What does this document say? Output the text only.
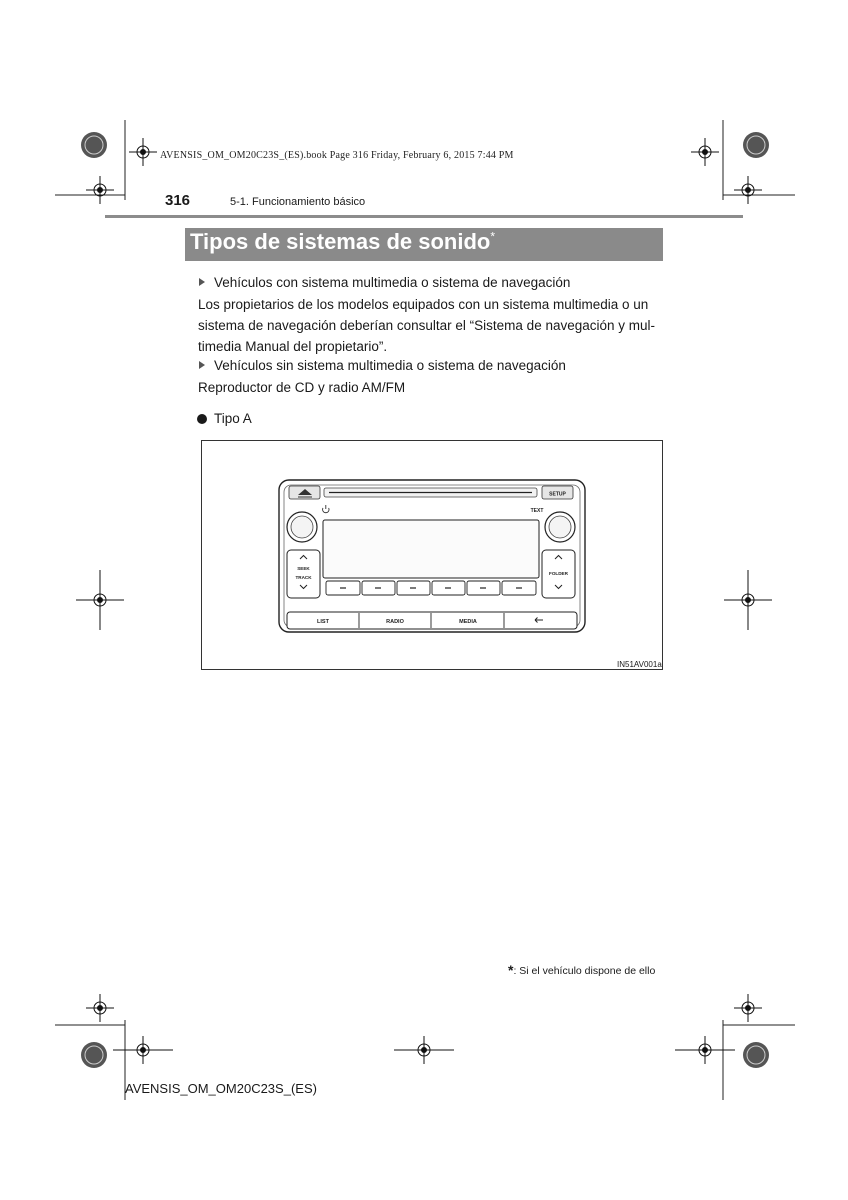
AVENSIS_OM_OM20C23S_(ES).book Page 316 Friday, February 6, 2015 7:44 PM
316	5-1. Funcionamiento básico
Tipos de sistemas de sonido*
Vehículos con sistema multimedia o sistema de navegación
Los propietarios de los modelos equipados con un sistema multimedia o un
sistema de navegación deberían consultar el “Sistema de navegación y mul-
timedia Manual del propietario”.
Vehículos sin sistema multimedia o sistema de navegación
Reproductor de CD y radio AM/FM
Tipo A
SETUP
TEXT
SEEK
TRACK
FOLDER
LIST	RADIO	MEDIA
IN51AV001a
*: Si el vehículo dispone de ello
AVENSIS_OM_OM20C23S_(ES)
